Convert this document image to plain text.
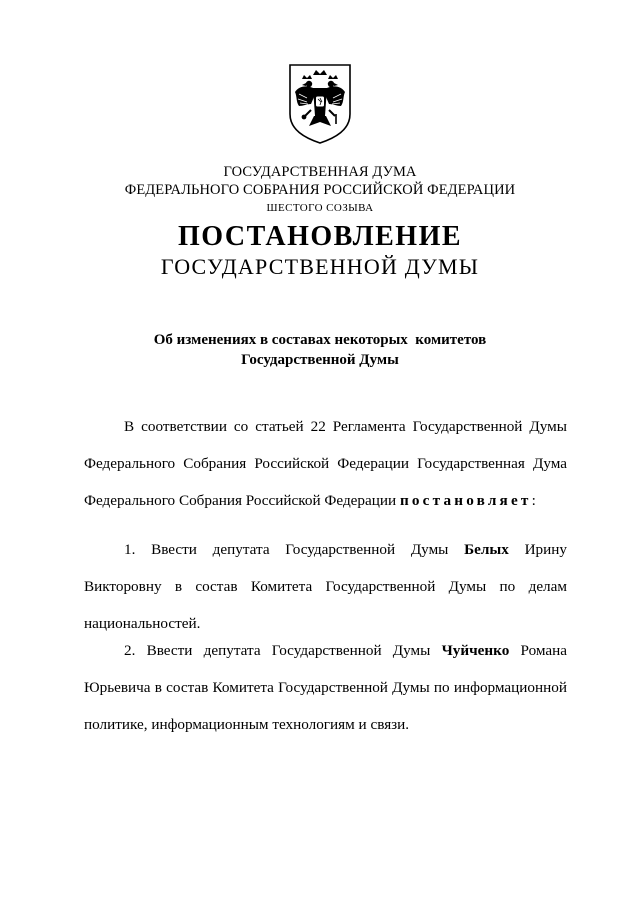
ГОСУДАРСТВЕННАЯ ДУМА
ФЕДЕРАЛЬНОГО СОБРАНИЯ РОССИЙСКОЙ ФЕДЕРАЦИИ
ШЕСТОГО СОЗЫВА
ПОСТАНОВЛЕНИЕ
ГОСУДАРСТВЕННОЙ ДУМЫ
Об изменениях в составах некоторых  комитетов
Государственной Думы
В соответствии со статьей 22 Регламента Государственной Думы
Федерального Собрания Российской Федерации Государственная Дума
Федерального Собрания Российской Федерации постановляет:
1. Ввести депутата Государственной Думы Белых Ирину
Викторовну в состав Комитета Государственной Думы по делам
национальностей.
2. Ввести депутата Государственной Думы Чуйченко Романа
Юрьевича в состав Комитета Государственной Думы по информационной
политике, информационным технологиям и связи.
